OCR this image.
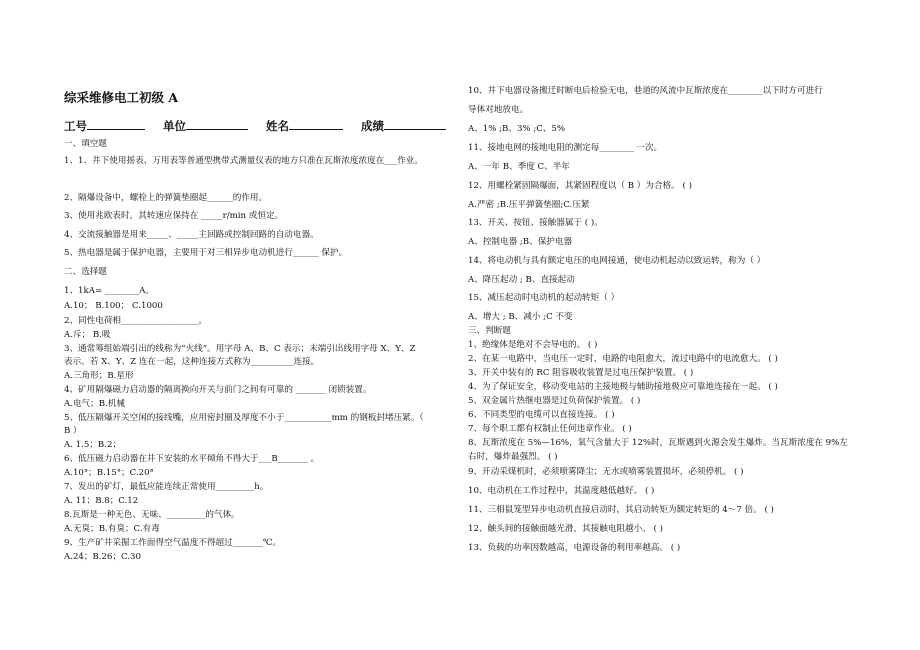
综采维修电工初级 A
工号	单位	姓名	成绩
一、填空题
1、1、井下使用摇表、万用表等普通型携带式测量仪表的地方只准在瓦斯浓度浓度在___作业。
2、隔爆设备中，螺栓上的弹簧垫圈起______的作用。
3、使用兆欧表时，其转速应保持在 _____r/min 或恒定。
4、交流接触器是用来_____、_____主回路或控制回路的自动电器。
5、热电器是属于保护电器，主要用于对三相异步电动机进行______ 保护。
二、选择题
1、1kA= ________A。
A.10； B.100； C.1000
2、同性电荷相__________________。
A.斥； B.吸
3、通常筹组始端引出的线称为“火线”。用字母 A、B、C 表示；末端引出线用字母 X、Y、Z
表示。若 X、Y、Z 连在一起，这种连接方式称为__________连接。
A.三角形；B.星形
4、矿用隔爆磁力启动器的隔离换向开关与前门之间有可靠的 _______ 闭锁装置。
A.电气；B.机械
5、低压隔爆开关空闲的接线嘴，应用密封圈及厚度不小于___________mm 的钢板封堵压紧。（
B ）
A. 1.5；B.2；
6、低压磁力启动器在井下安装的水平倾角不得大于___B_______ 。
A.10°；B.15°；C.20°
7、发出的矿灯，最低应能连续正常使用_________h。
A. 11；B.8；C.12
8.瓦斯是一种无色、无味、_________的气体。
A.无臭；B.有臭；C.有毒
9、生产矿井采掘工作面得空气温度不得超过_______℃。
A.24；B.26；C.30
10、井下电器设备搬迁时断电后检验无电，巷道的风流中瓦斯浓度在________以下时方可进行
导体对地放电。
A、1% ;B、3% ;C、5%
11、接地电网的接地电阻的测定每________ 一次。
A、一年 B、季度 C、半年
12、用螺栓紧固隔爆面，其紧固程度以（ B ）为合格。 ( )
A.严密 ;B.压平弹簧垫圈;C.压紧
13、开关、按钮、接触器属于 ( )。
A、控制电器 ;B、保护电器
14、将电动机与具有额定电压的电网接通，使电动机起动以致运转，称为（ ）
A、降压起动 ; B、直接起动
15、减压起动时电动机的起动转矩（ ）
A、增大 ; B、减小 ;C 不变
三、判断题
1、绝缘体是绝对不会导电的。 ( )
2、在某一电路中，当电压一定时，电路的电阻愈大，流过电路中的电流愈大。 ( )
3、开关中装有的 RC 阻容吸收装置是过电压保护装置。 ( )
4、为了保证安全，移动变电站的主接地极与辅助接地极应可靠地连接在一起。 ( )
5、双金属片热继电器是过负荷保护装置。 ( )
6、不同类型的电缆可以直接连接。 ( )
7、每个职工都有权制止任何违章作业。 ( )
8、瓦斯浓度在 5%—16%，氧气含量大于 12%时，瓦斯遇到火源会发生爆炸。当瓦斯浓度在 9%左
右时，爆炸最强烈。 ( )
9、开动采煤机时，必须喷雾降尘；无水或喷雾装置损坏，必须停机。 ( )
10、电动机在工作过程中，其温度越低越好。 ( )
11、三相鼠笼型异步电动机直接启动时，其启动转矩为额定转矩的 4～7 倍。 ( )
12、触头间的接触面越光滑，其接触电阻越小。 ( )
13、负载的功率因数越高，电源设备的利用率越高。 ( )
